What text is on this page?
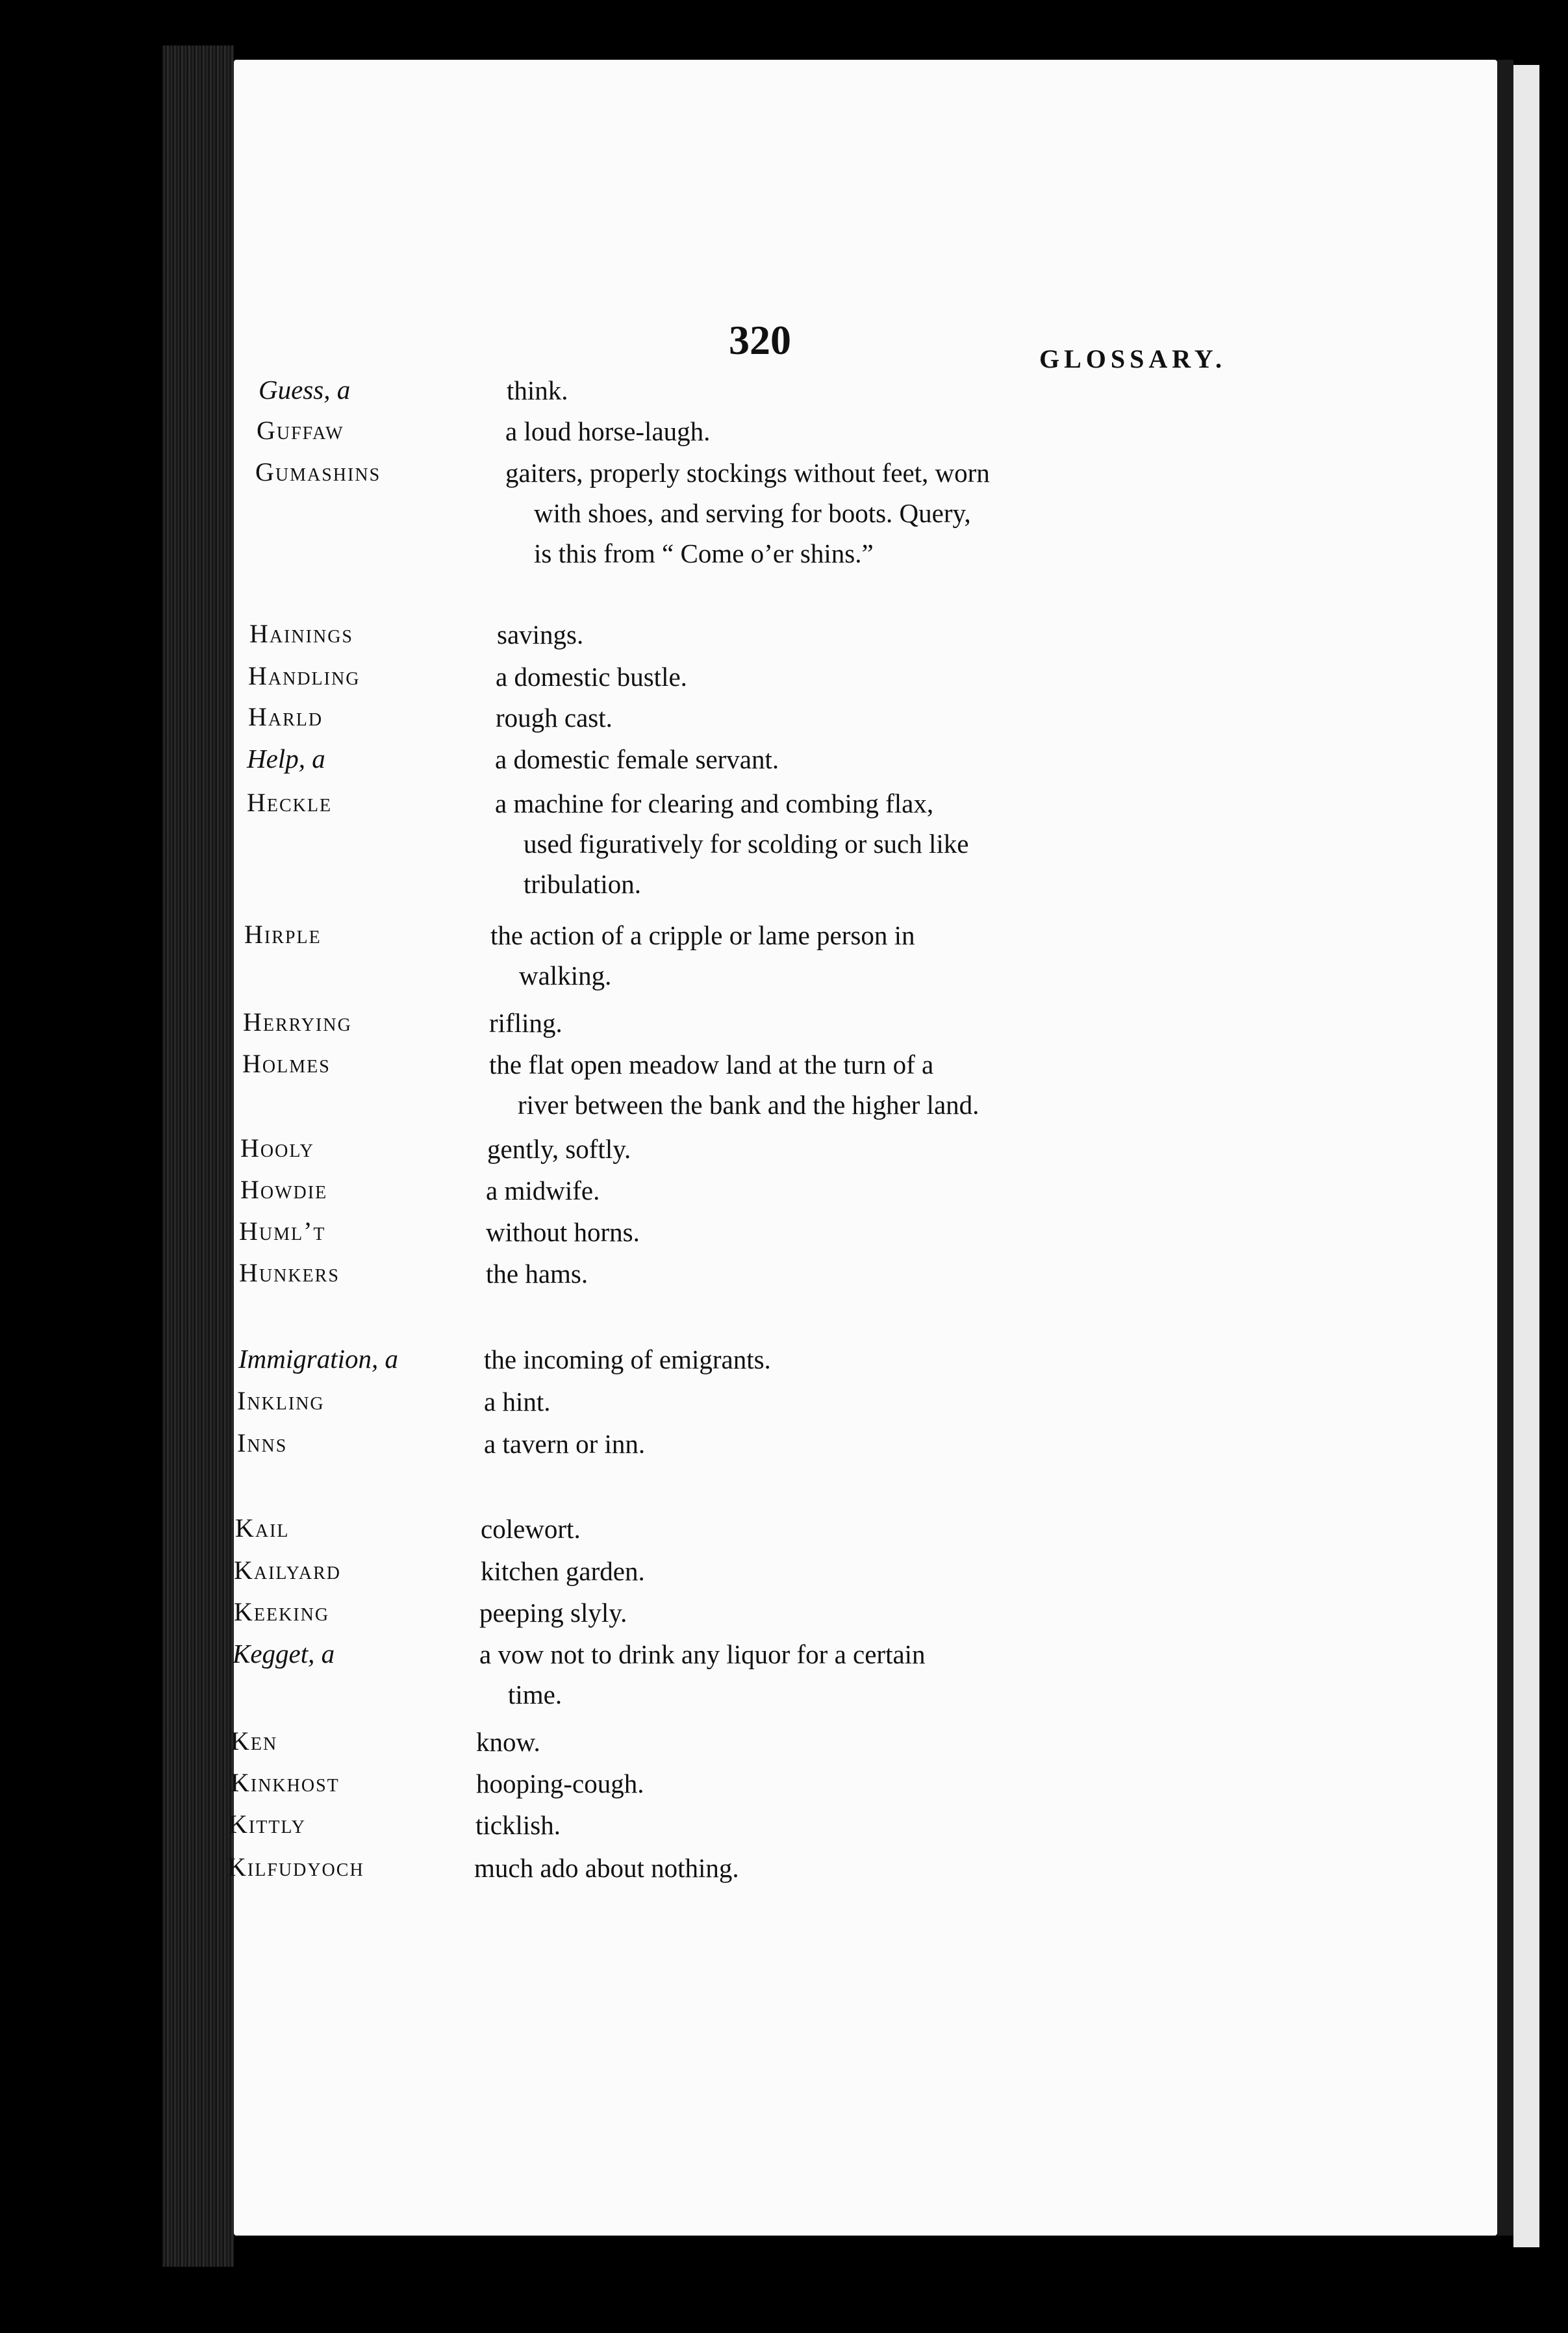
320	GLOSSARY.
Guess, a	think.
Guffaw	a loud horse-laugh.
Gumashins	gaiters, properly stockings without feet, worn
with shoes, and serving for boots. Query,
is this from “ Come o’er shins.”
Hainings	savings.
Handling	a domestic bustle.
Harld	rough cast.
Help, a	a domestic female servant.
Heckle	a machine for clearing and combing flax,
used figuratively for scolding or such like
tribulation.
Hirple	the action of a cripple or lame person in
walking.
Herrying	rifling.
Holmes	the flat open meadow land at the turn of a
river between the bank and the higher land.
Hooly	gently, softly.
Howdie	a midwife.
Huml’t	without horns.
Hunkers	the hams.
Immigration, a	the incoming of emigrants.
Inkling	a hint.
Inns	a tavern or inn.
Kail	colewort.
Kailyard	kitchen garden.
Keeking	peeping slyly.
Kegget, a	a vow not to drink any liquor for a certain
time.
Ken	know.
Kinkhost	hooping-cough.
Kittly	ticklish.
Kilfudyoch	much ado about nothing.
